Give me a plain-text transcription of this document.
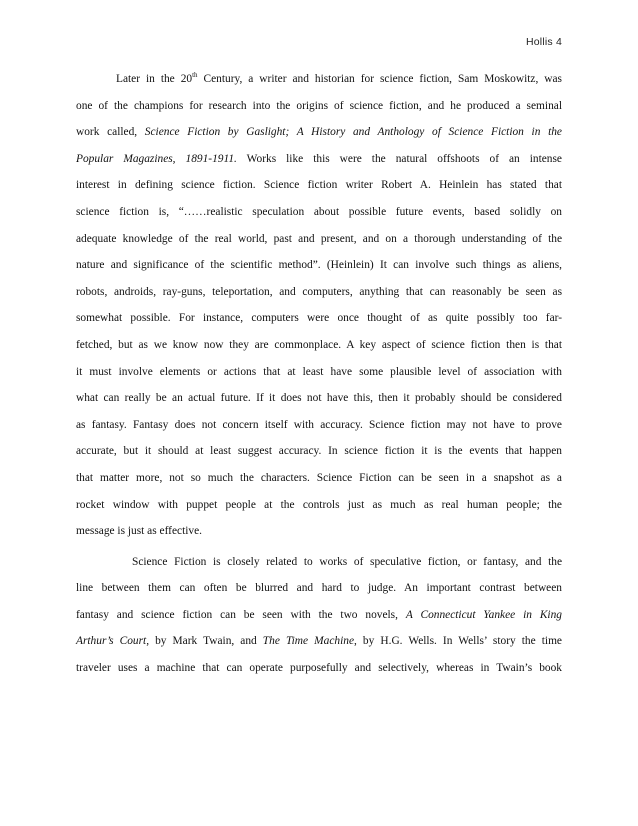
Hollis 4
Later in the 20th Century, a writer and historian for science fiction, Sam Moskowitz, was
one of the champions for research into the origins of science fiction, and he produced a seminal
work called, Science Fiction by Gaslight; A History and Anthology of Science Fiction in the
Popular Magazines, 1891-1911. Works like this were the natural offshoots of an intense
interest in defining science fiction. Science fiction writer Robert A. Heinlein has stated that
science fiction is, “……realistic speculation about possible future events, based solidly on
adequate knowledge of the real world, past and present, and on a thorough understanding of the
nature and significance of the scientific method”. (Heinlein) It can involve such things as aliens,
robots, androids, ray-guns, teleportation, and computers, anything that can reasonably be seen as
somewhat possible. For instance, computers were once thought of as quite possibly too far-
fetched, but as we know now they are commonplace. A key aspect of science fiction then is that
it must involve elements or actions that at least have some plausible level of association with
what can really be an actual future. If it does not have this, then it probably should be considered
as fantasy. Fantasy does not concern itself with accuracy. Science fiction may not have to prove
accurate, but it should at least suggest accuracy. In science fiction it is the events that happen
that matter more, not so much the characters. Science Fiction can be seen in a snapshot as a
rocket window with puppet people at the controls just as much as real human people; the
message is just as effective.
Science Fiction is closely related to works of speculative fiction, or fantasy, and the
line between them can often be blurred and hard to judge. An important contrast between
fantasy and science fiction can be seen with the two novels, A Connecticut Yankee in King
Arthur’s Court, by Mark Twain, and The Time Machine, by H.G. Wells. In Wells’ story the time
traveler uses a machine that can operate purposefully and selectively, whereas in Twain’s book
